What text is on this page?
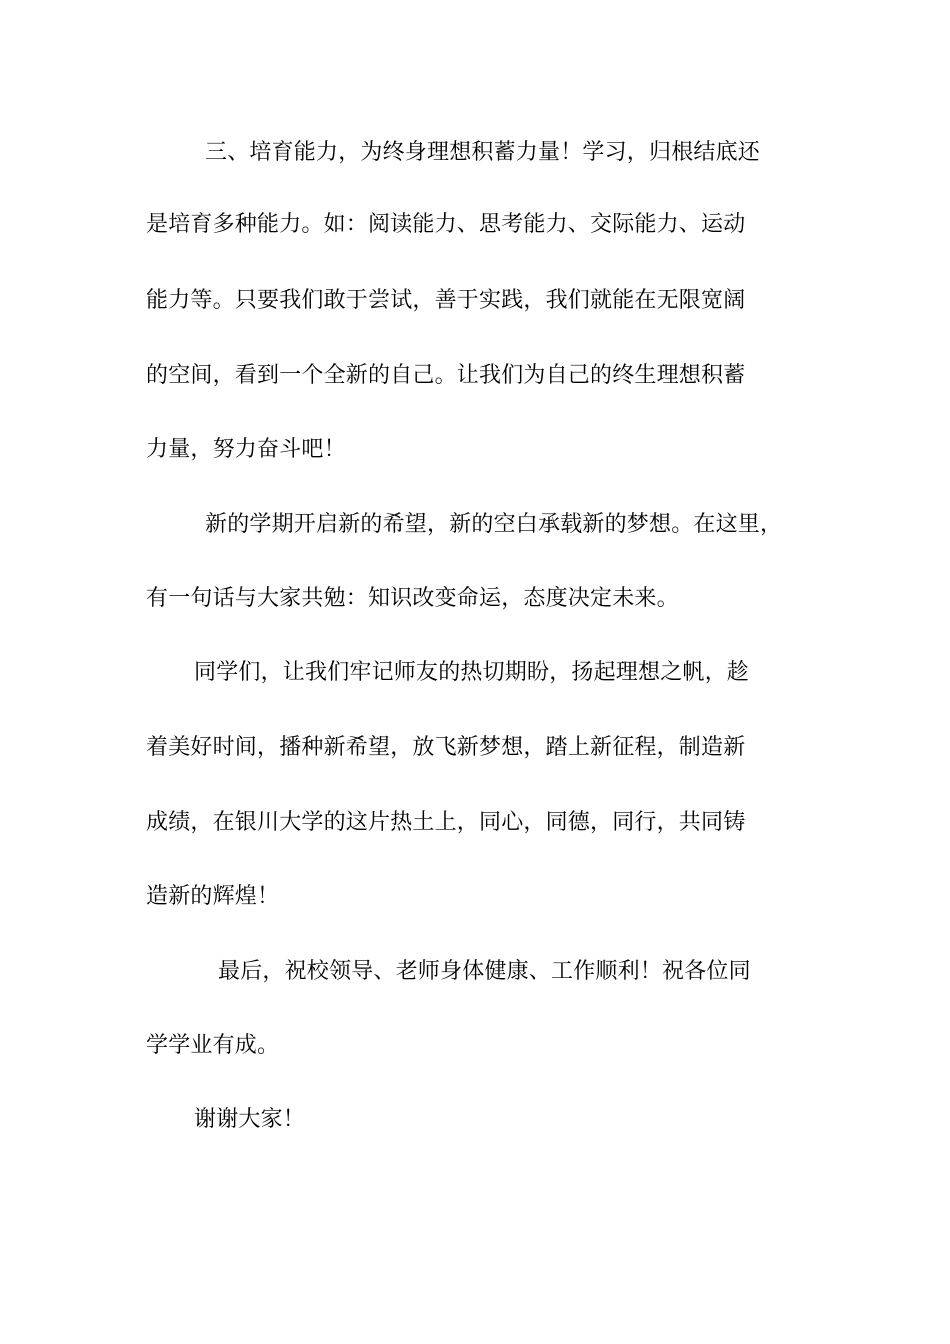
三、培育能力，为终身理想积蓄力量！学习，归根结底还
是培育多种能力。如：阅读能力、思考能力、交际能力、运动
能力等。只要我们敢于尝试，善于实践，我们就能在无限宽阔
的空间，看到一个全新的自己。让我们为自己的终生理想积蓄
力量，努力奋斗吧！
新的学期开启新的希望，新的空白承载新的梦想。在这里，
有一句话与大家共勉：知识改变命运，态度决定未来。
同学们，让我们牢记师友的热切期盼，扬起理想之帆，趁
着美好时间，播种新希望，放飞新梦想，踏上新征程，制造新
成绩，在银川大学的这片热土上，同心，同德，同行，共同铸
造新的辉煌！
最后，祝校领导、老师身体健康、工作顺利！祝各位同
学学业有成。
谢谢大家！
